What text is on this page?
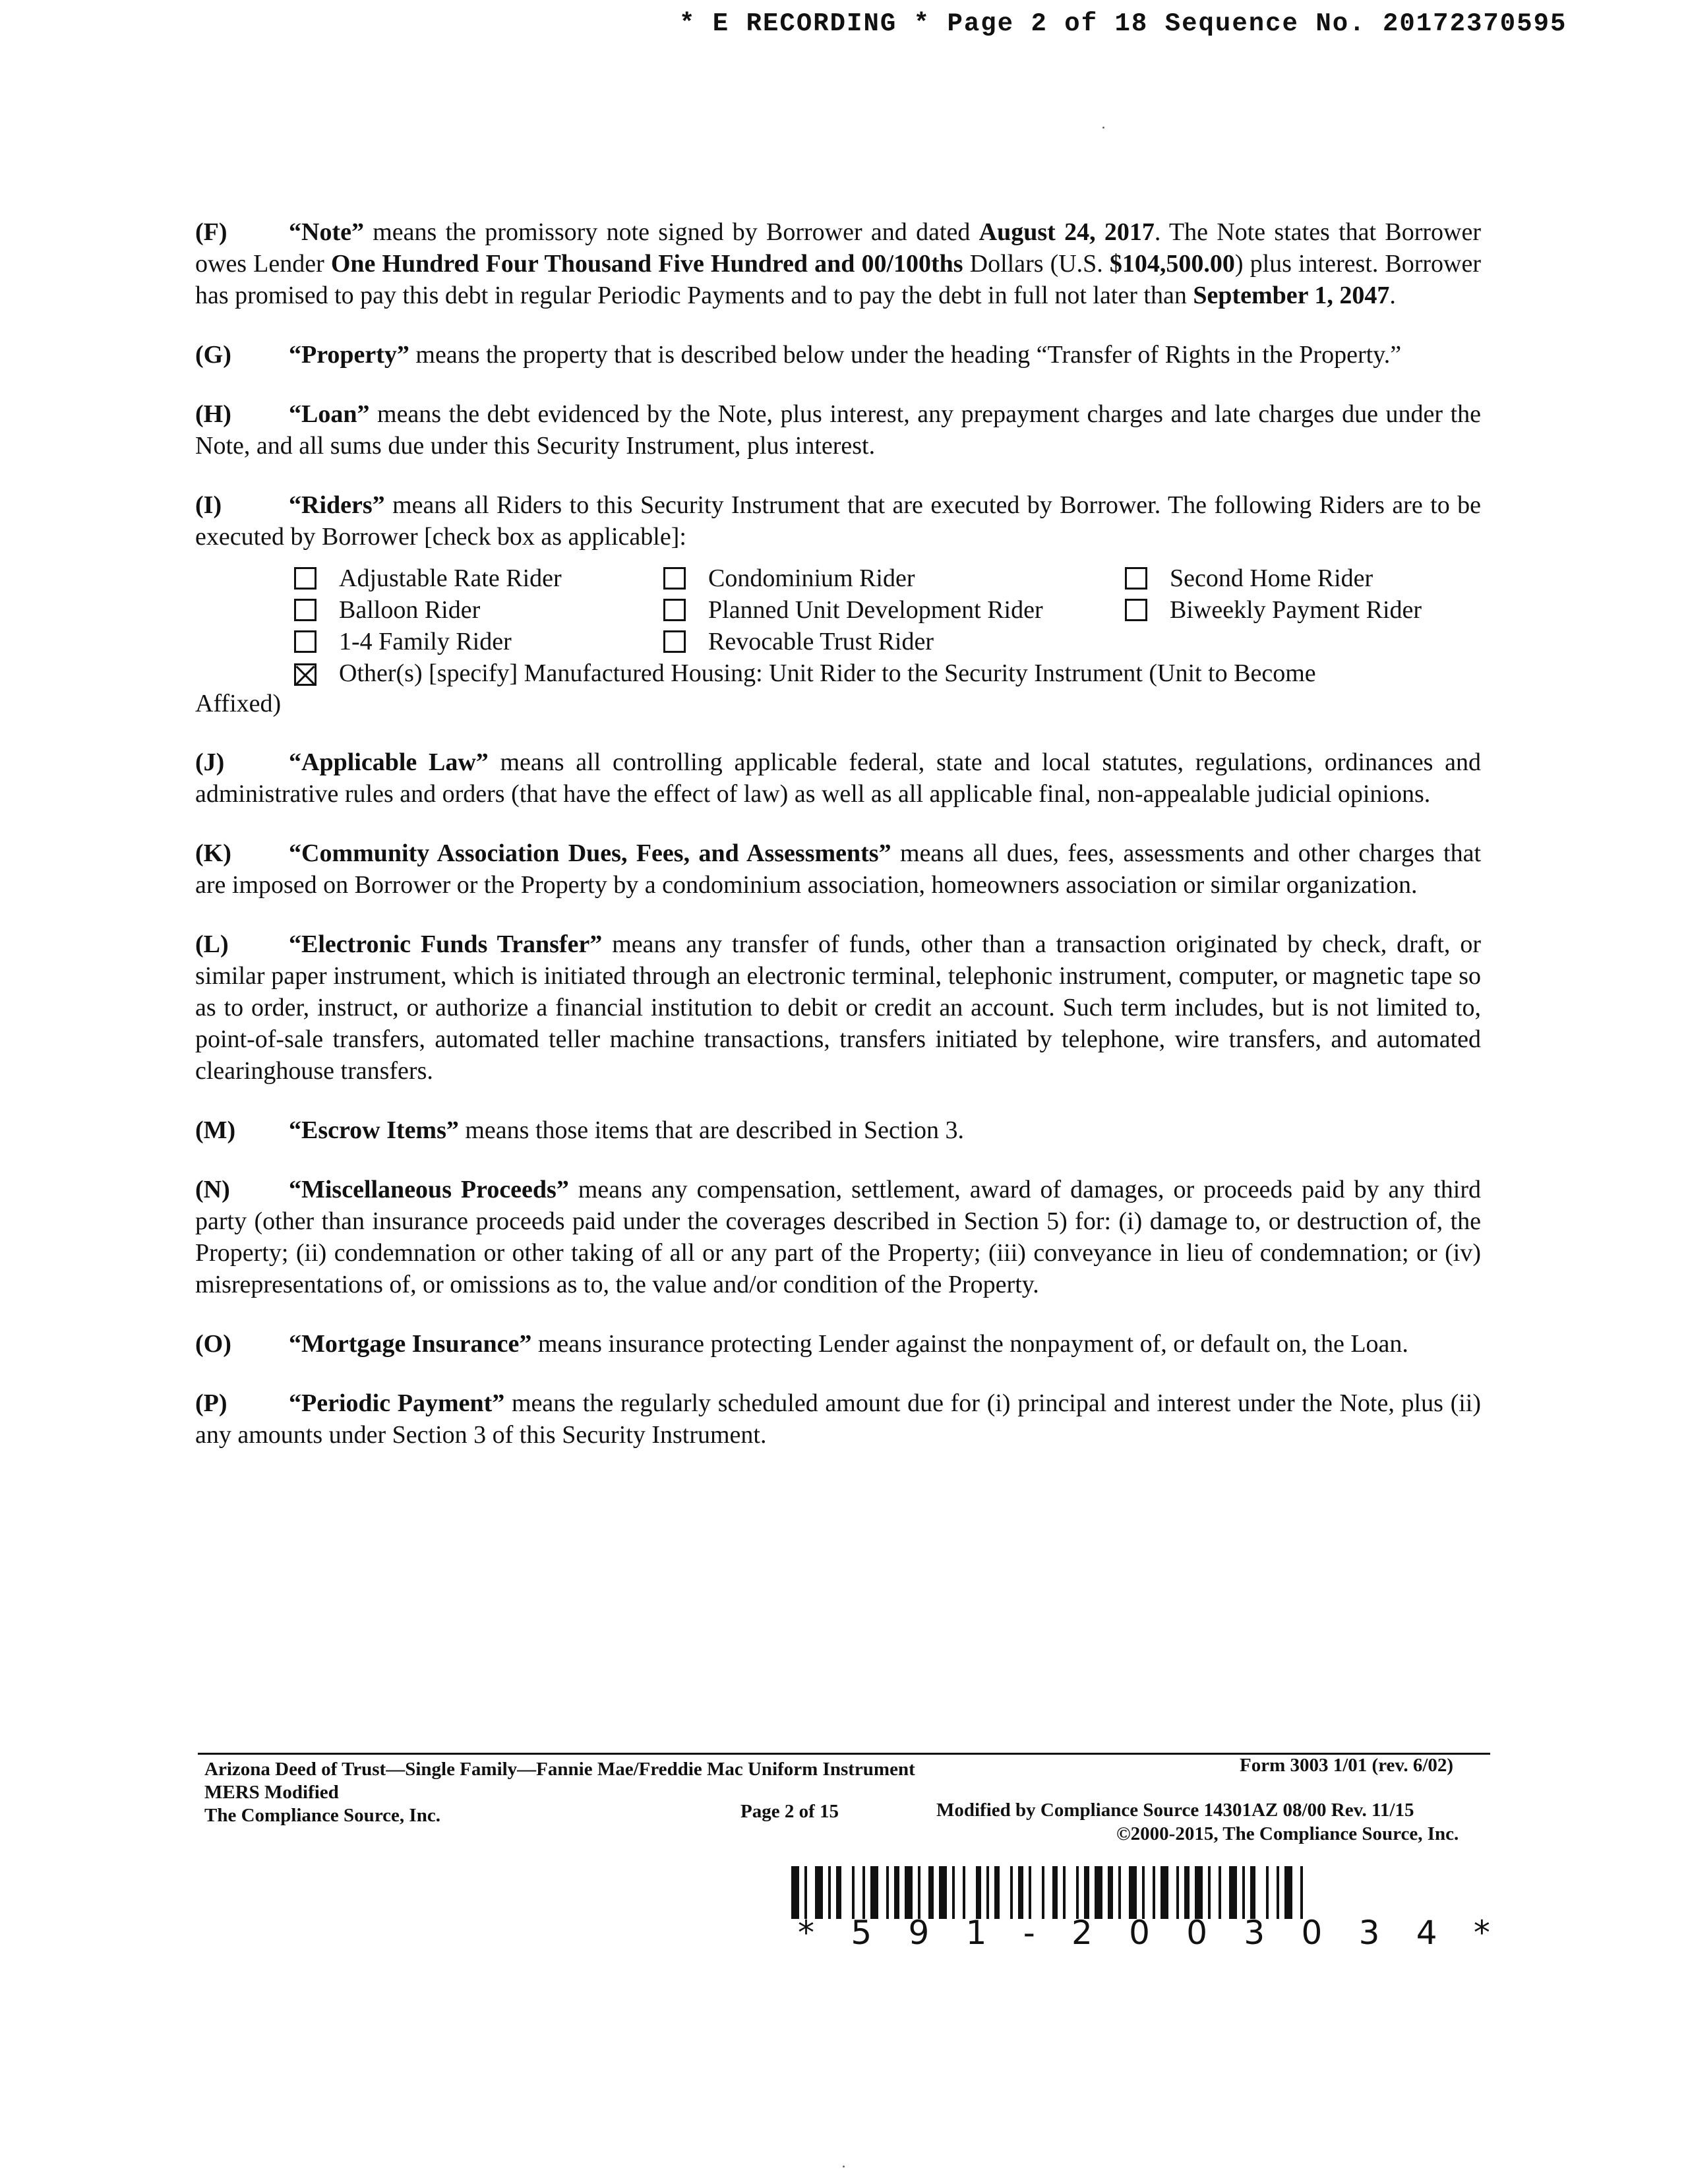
* E RECORDING * Page 2 of 18 Sequence No. 20172370595

(F) “Note” means the promissory note signed by Borrower and dated August 24, 2017. The Note states that Borrower owes Lender One Hundred Four Thousand Five Hundred and 00/100ths Dollars (U.S. $104,500.00) plus interest. Borrower has promised to pay this debt in regular Periodic Payments and to pay the debt in full not later than September 1, 2047.

(G) “Property” means the property that is described below under the heading “Transfer of Rights in the Property.”

(H) “Loan” means the debt evidenced by the Note, plus interest, any prepayment charges and late charges due under the Note, and all sums due under this Security Instrument, plus interest.

(I)	“Riders” means all Riders to this Security Instrument that are executed by Borrower. The following Riders are to be executed by Borrower [check box as applicable]:

Adjustable Rate Rider	Condominium Rider	Second Home Rider
Balloon Rider	Planned Unit Development Rider	Biweekly Payment Rider
1-4 Family Rider	Revocable Trust Rider
Other(s) [specify] Manufactured Housing: Unit Rider to the Security Instrument (Unit to Become
Affixed)

(J)	“Applicable Law” means all controlling applicable federal, state and local statutes, regulations, ordinances and administrative rules and orders (that have the effect of law) as well as all applicable final, non-appealable judicial opinions.

(K) “Community Association Dues, Fees, and Assessments” means all dues, fees, assessments and other charges that are imposed on Borrower or the Property by a condominium association, homeowners association or similar organization.

(L) “Electronic Funds Transfer” means any transfer of funds, other than a transaction originated by check, draft, or similar paper instrument, which is initiated through an electronic terminal, telephonic instrument, computer, or magnetic tape so as to order, instruct, or authorize a financial institution to debit or credit an account. Such term includes, but is not limited to, point-of-sale transfers, automated teller machine transactions, transfers initiated by telephone, wire transfers, and automated clearinghouse transfers.

(M) “Escrow Items” means those items that are described in Section 3.

(N) “Miscellaneous Proceeds” means any compensation, settlement, award of damages, or proceeds paid by any third party (other than insurance proceeds paid under the coverages described in Section 5) for: (i) damage to, or destruction of, the Property; (ii) condemnation or other taking of all or any part of the Property; (iii) conveyance in lieu of condemnation; or (iv) misrepresentations of, or omissions as to, the value and/or condition of the Property.

(O) “Mortgage Insurance” means insurance protecting Lender against the nonpayment of, or default on, the Loan.

(P) “Periodic Payment” means the regularly scheduled amount due for (i) principal and interest under the Note, plus (ii) any amounts under Section 3 of this Security Instrument.

Arizona Deed of Trust—Single Family—Fannie Mae/Freddie Mac Uniform Instrument	Form 3003 1/01 (rev. 6/02)
MERS Modified
The Compliance Source, Inc.	Page 2 of 15	Modified by Compliance Source 14301AZ 08/00 Rev. 11/15
©2000-2015, The Compliance Source, Inc.
* 5 9 1 - 2 0 0 3 0 3 4 *
